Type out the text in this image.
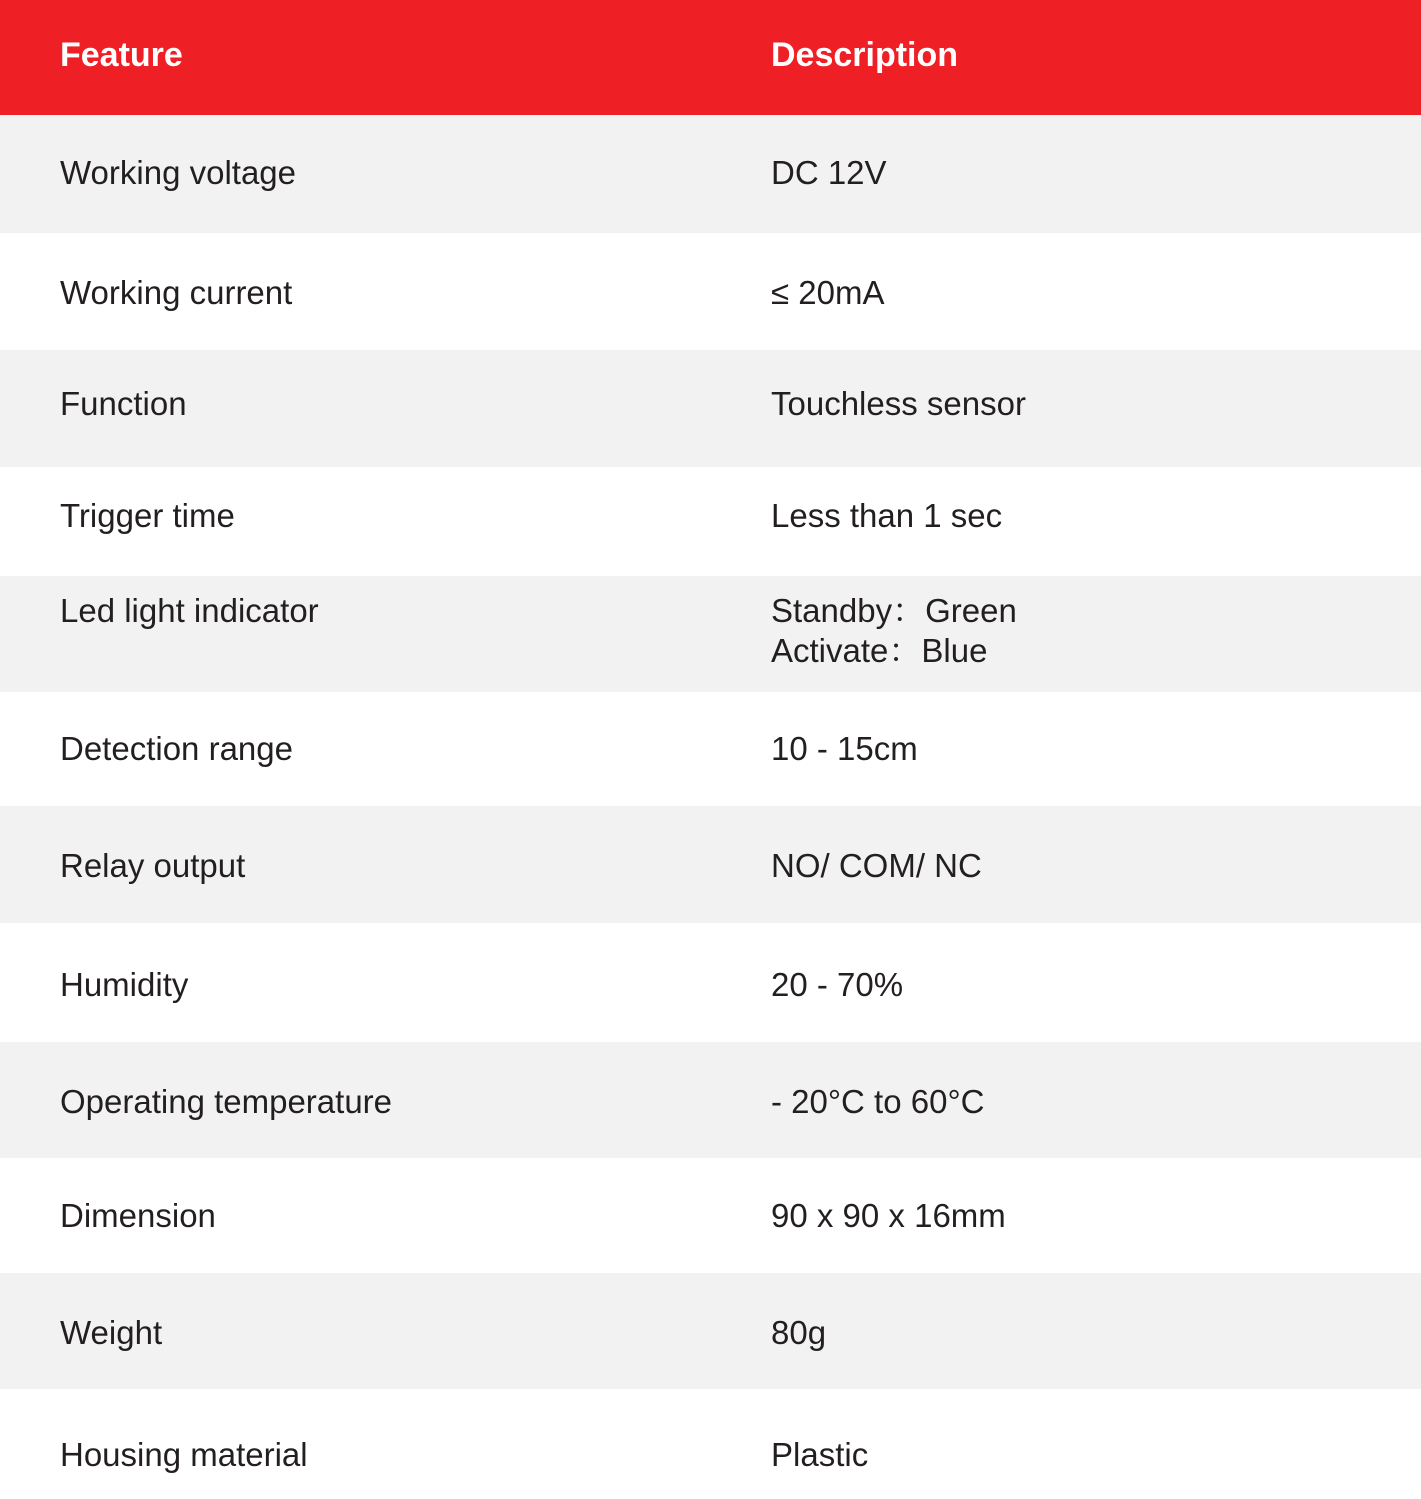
Feature	Description
Working voltage	DC 12V
Working current	≤ 20mA
Function	Touchless sensor
Trigger time	Less than 1 sec
Led light indicator	Standby：Green
Activate：Blue
Detection range	10 - 15cm
Relay output	NO/ COM/ NC
Humidity	20 - 70%
Operating temperature	- 20°C to 60°C
Dimension	90 x 90 x 16mm
Weight	80g
Housing material	Plastic
